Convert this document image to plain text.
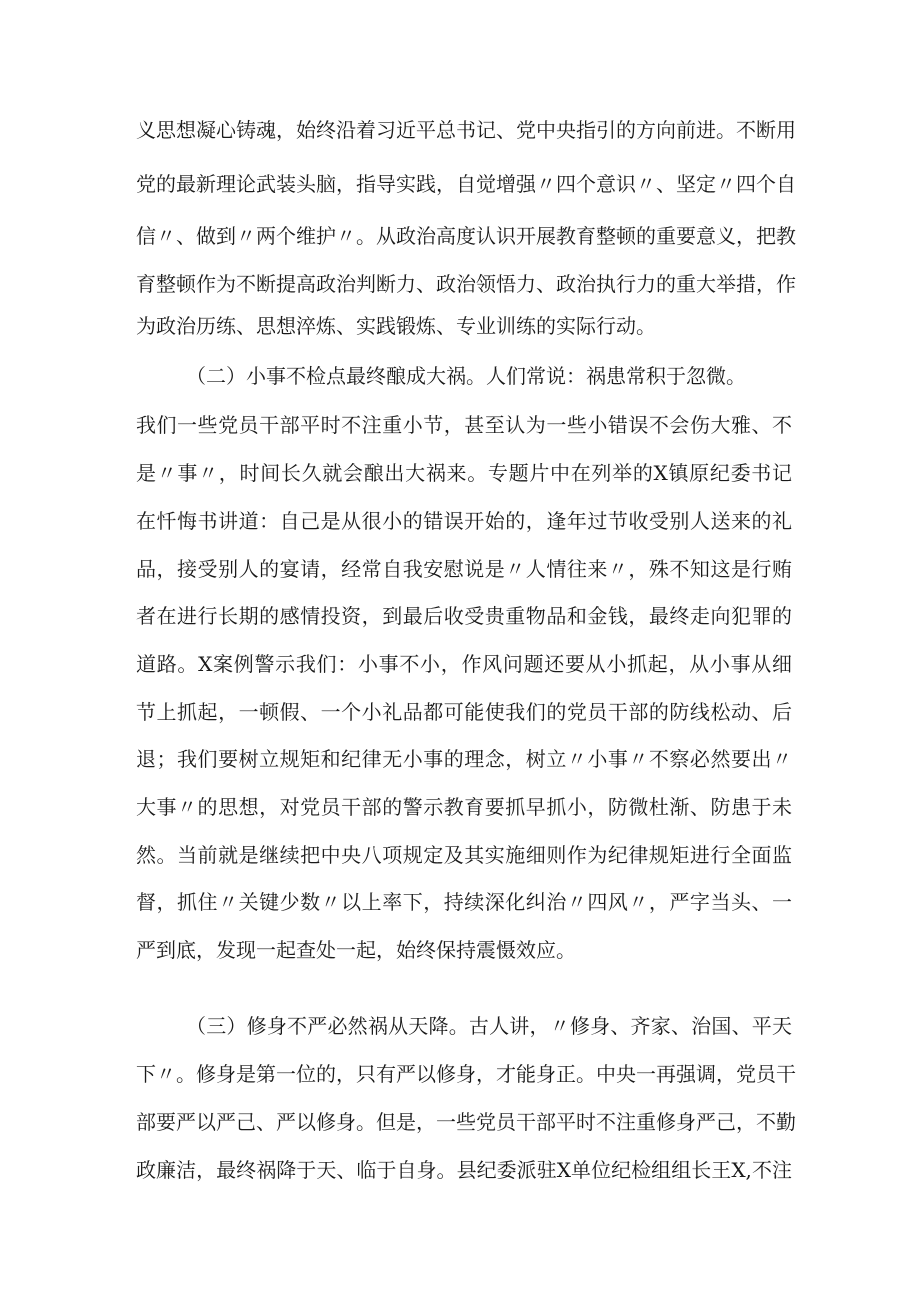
义思想凝心铸魂，始终沿着习近平总书记、党中央指引的方向前进。不断用

党的最新理论武装头脑，指导实践，自觉增强〃四个意识〃、坚定〃四个自

信〃、做到〃两个维护〃。从政治高度认识开展教育整顿的重要意义，把教

育整顿作为不断提高政治判断力、政治领悟力、政治执行力的重大举措，作

为政治历练、思想淬炼、实践锻炼、专业训练的实际行动。

（二）小事不检点最终酿成大祸。人们常说：祸患常积于忽微。

我们一些党员干部平时不注重小节，甚至认为一些小错误不会伤大雅、不

是〃事〃，时间长久就会酿出大祸来。专题片中在列举的X镇原纪委书记

在忏悔书讲道：自己是从很小的错误开始的，逢年过节收受别人送来的礼

品，接受别人的宴请，经常自我安慰说是〃人情往来〃，殊不知这是行贿

者在进行长期的感情投资，到最后收受贵重物品和金钱，最终走向犯罪的

道路。X案例警示我们：小事不小，作风问题还要从小抓起，从小事从细

节上抓起，一顿假、一个小礼品都可能使我们的党员干部的防线松动、后

退；我们要树立规矩和纪律无小事的理念，树立〃小事〃不察必然要出〃

大事〃的思想，对党员干部的警示教育要抓早抓小，防微杜渐、防患于未

然。当前就是继续把中央八项规定及其实施细则作为纪律规矩进行全面监

督，抓住〃关键少数〃以上率下，持续深化纠治〃四风〃，严字当头、一

严到底，发现一起查处一起，始终保持震慑效应。

（三）修身不严必然祸从天降。古人讲，〃修身、齐家、治国、平天

下〃。修身是第一位的，只有严以修身，才能身正。中央一再强调，党员干

部要严以严己、严以修身。但是，一些党员干部平时不注重修身严己，不勤

政廉洁，最终祸降于天、临于自身。县纪委派驻X单位纪检组组长王X,不注
